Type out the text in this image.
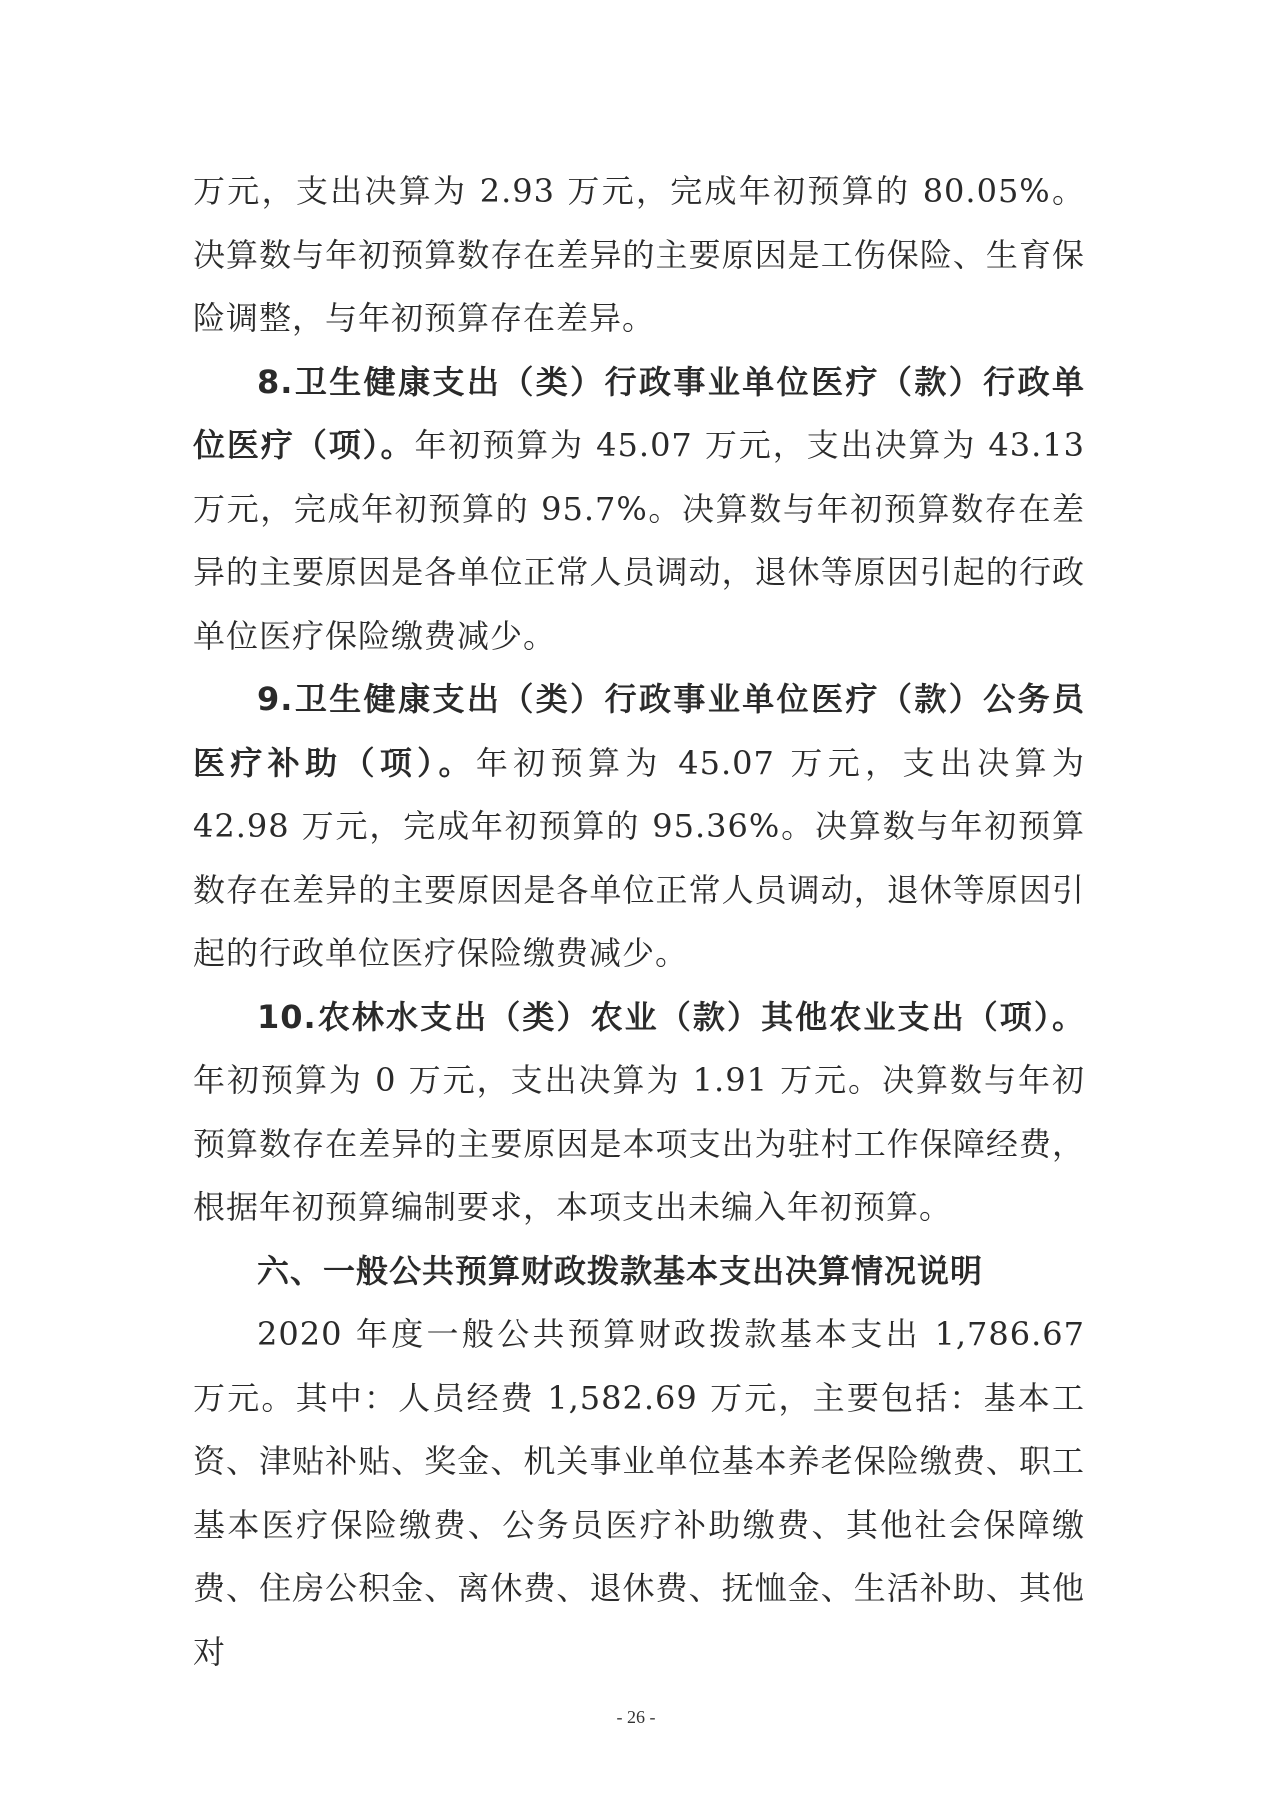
万元，支出决算为 2.93 万元，完成年初预算的 80.05%。决算数与年初预算数存在差异的主要原因是工伤保险、生育保险调整，与年初预算存在差异。

8.卫生健康支出（类）行政事业单位医疗（款）行政单位医疗（项）。年初预算为 45.07 万元，支出决算为 43.13 万元，完成年初预算的 95.7%。决算数与年初预算数存在差异的主要原因是各单位正常人员调动，退休等原因引起的行政单位医疗保险缴费减少。

9.卫生健康支出（类）行政事业单位医疗（款）公务员医疗补助（项）。年初预算为 45.07 万元，支出决算为 42.98 万元，完成年初预算的 95.36%。决算数与年初预算数存在差异的主要原因是各单位正常人员调动，退休等原因引起的行政单位医疗保险缴费减少。

10.农林水支出（类）农业（款）其他农业支出（项）。年初预算为 0 万元，支出决算为 1.91 万元。决算数与年初预算数存在差异的主要原因是本项支出为驻村工作保障经费，根据年初预算编制要求，本项支出未编入年初预算。

六、一般公共预算财政拨款基本支出决算情况说明

2020 年度一般公共预算财政拨款基本支出 1,786.67 万元。其中：人员经费 1,582.69 万元，主要包括：基本工资、津贴补贴、奖金、机关事业单位基本养老保险缴费、职工基本医疗保险缴费、公务员医疗补助缴费、其他社会保障缴费、住房公积金、离休费、退休费、抚恤金、生活补助、其他对

- 26 -
